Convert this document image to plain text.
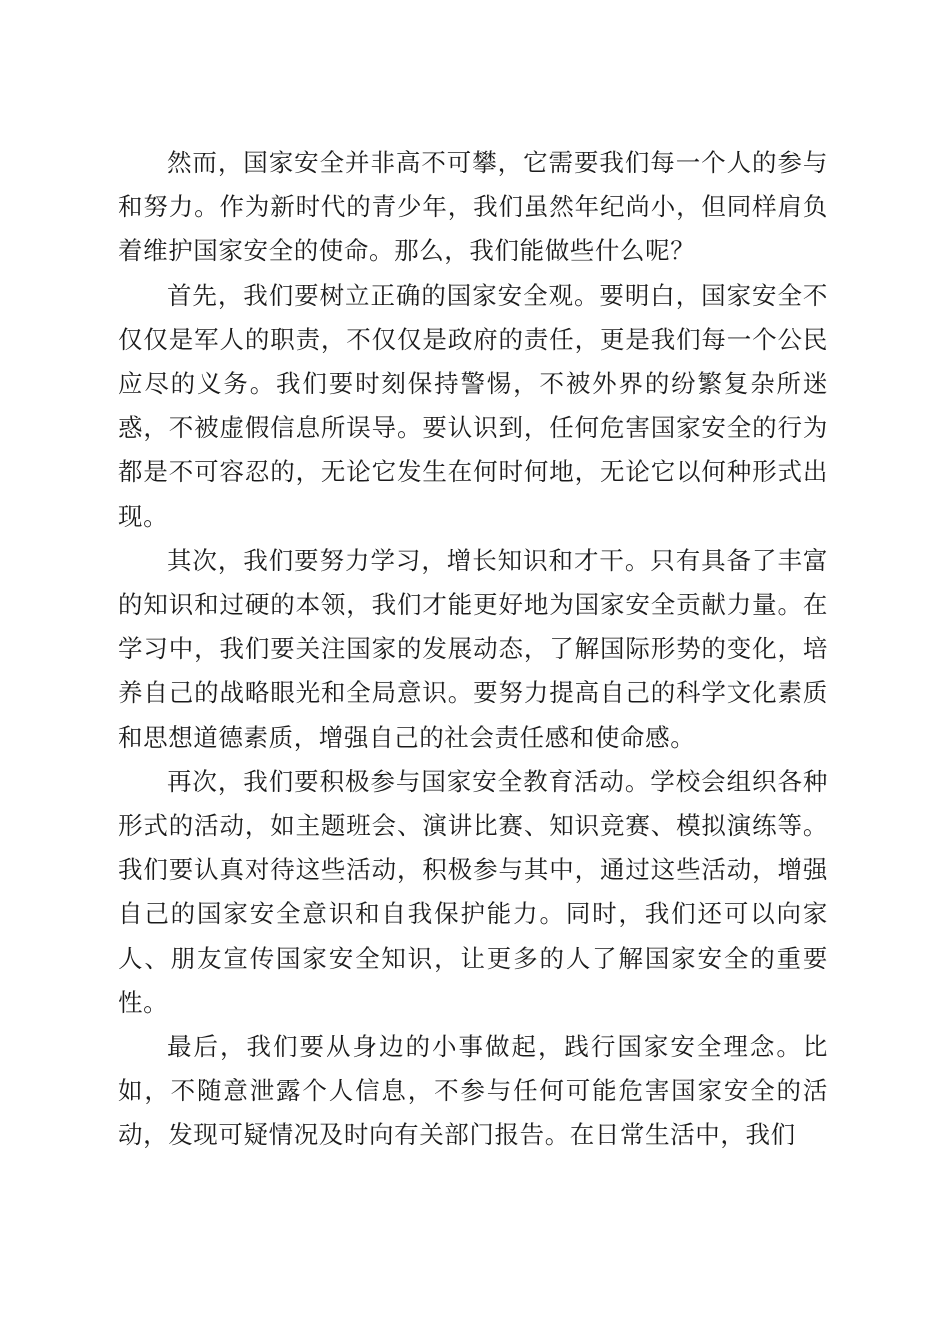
然而，国家安全并非高不可攀，它需要我们每一个人的参与和努力。作为新时代的青少年，我们虽然年纪尚小，但同样肩负着维护国家安全的使命。那么，我们能做些什么呢？

首先，我们要树立正确的国家安全观。要明白，国家安全不仅仅是军人的职责，不仅仅是政府的责任，更是我们每一个公民应尽的义务。我们要时刻保持警惕，不被外界的纷繁复杂所迷惑，不被虚假信息所误导。要认识到，任何危害国家安全的行为都是不可容忍的，无论它发生在何时何地，无论它以何种形式出现。

其次，我们要努力学习，增长知识和才干。只有具备了丰富的知识和过硬的本领，我们才能更好地为国家安全贡献力量。在学习中，我们要关注国家的发展动态，了解国际形势的变化，培养自己的战略眼光和全局意识。要努力提高自己的科学文化素质和思想道德素质，增强自己的社会责任感和使命感。

再次，我们要积极参与国家安全教育活动。学校会组织各种形式的活动，如主题班会、演讲比赛、知识竞赛、模拟演练等。我们要认真对待这些活动，积极参与其中，通过这些活动，增强自己的国家安全意识和自我保护能力。同时，我们还可以向家人、朋友宣传国家安全知识，让更多的人了解国家安全的重要性。

最后，我们要从身边的小事做起，践行国家安全理念。比如，不随意泄露个人信息，不参与任何可能危害国家安全的活动，发现可疑情况及时向有关部门报告。在日常生活中，我们
